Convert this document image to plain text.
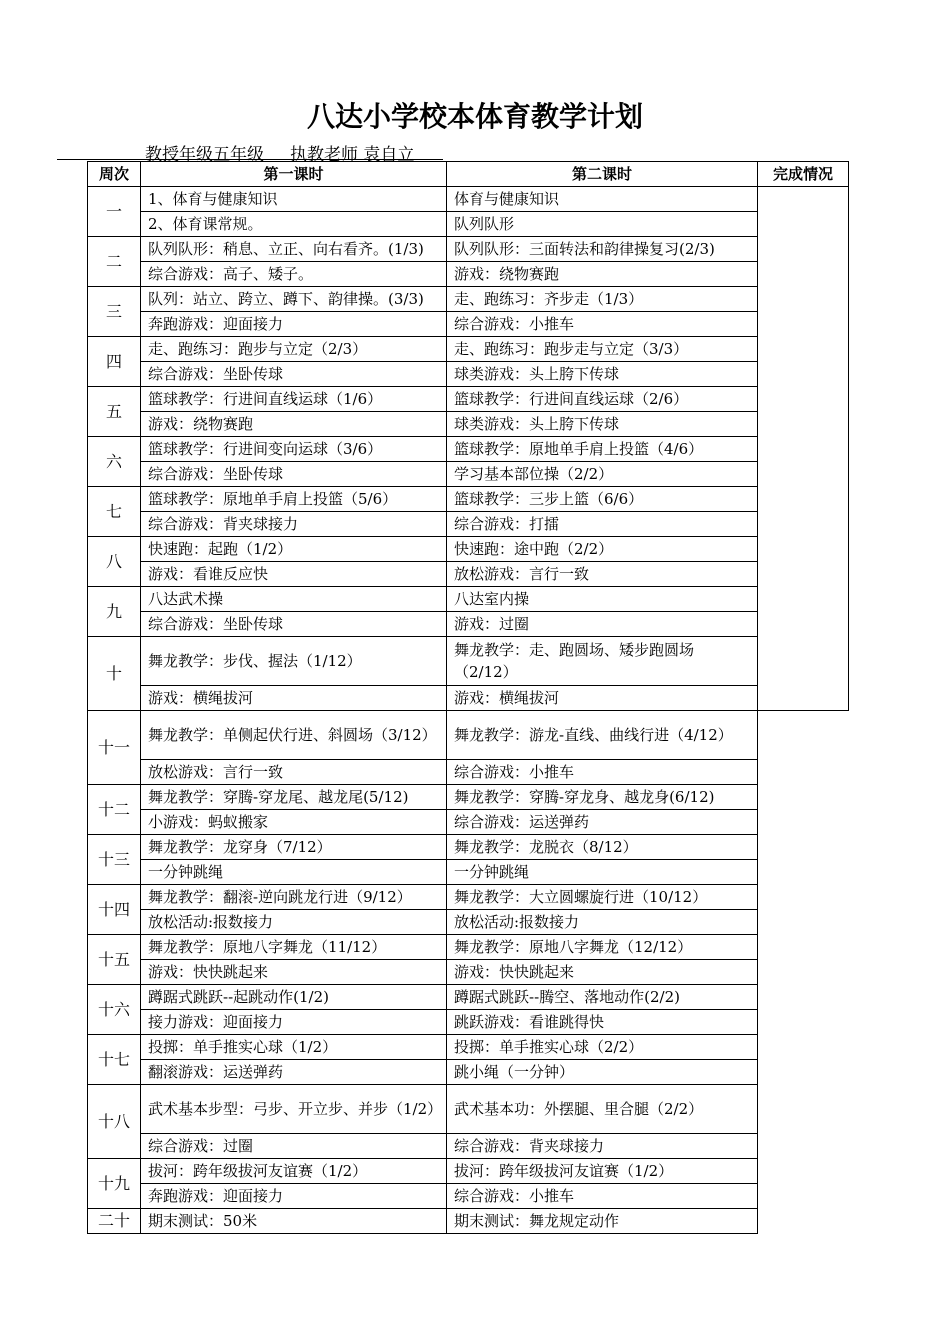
八达小学校本体育教学计划
教授年级五年级 执教老师 袁自立
周次	第一课时	第二课时	完成情况
一	1、体育与健康知识	体育与健康知识	
	2、体育课常规。	队列队形	
二	队列队形：稍息、立正、向右看齐。(1/3)	队列队形：三面转法和韵律操复习(2/3)	
	综合游戏：高子、矮子。	游戏：绕物赛跑	
三	队列：站立、跨立、蹲下、韵律操。(3/3)	走、跑练习：齐步走（1/3）	
	奔跑游戏：迎面接力	综合游戏：小推车	
四	走、跑练习：跑步与立定（2/3）	走、跑练习：跑步走与立定（3/3）	
	综合游戏：坐卧传球	球类游戏：头上胯下传球	
五	篮球教学：行进间直线运球（1/6）	篮球教学：行进间直线运球（2/6）	
	游戏：绕物赛跑	球类游戏：头上胯下传球	
六	篮球教学：行进间变向运球（3/6）	篮球教学：原地单手肩上投篮（4/6）	
	综合游戏：坐卧传球	学习基本部位操（2/2）	
七	篮球教学：原地单手肩上投篮（5/6）	篮球教学：三步上篮（6/6）	
	综合游戏：背夹球接力	综合游戏：打擂	
八	快速跑：起跑（1/2）	快速跑：途中跑（2/2）	
	游戏：看谁反应快	放松游戏：言行一致	
九	八达武术操	八达室内操	
	综合游戏：坐卧传球	游戏：过圈	
十	舞龙教学：步伐、握法（1/12）	舞龙教学：走、跑圆场、矮步跑圆场（2/12）	
	游戏：横绳拔河	游戏：横绳拔河	
十一	舞龙教学：单侧起伏行进、斜圆场（3/12）	舞龙教学：游龙-直线、曲线行进（4/12）	
	放松游戏：言行一致	综合游戏：小推车	
十二	舞龙教学：穿腾-穿龙尾、越龙尾(5/12)	舞龙教学：穿腾-穿龙身、越龙身(6/12)	
	小游戏：蚂蚁搬家	综合游戏：运送弹药	
十三	舞龙教学：龙穿身（7/12）	舞龙教学：龙脱衣（8/12）	
	一分钟跳绳	一分钟跳绳	
十四	舞龙教学：翻滚-逆向跳龙行进（9/12）	舞龙教学：大立圆螺旋行进（10/12）	
	放松活动:报数接力	放松活动:报数接力	
十五	舞龙教学：原地八字舞龙（11/12）	舞龙教学：原地八字舞龙（12/12）	
	游戏：快快跳起来	游戏：快快跳起来	
十六	蹲踞式跳跃--起跳动作(1/2)	蹲踞式跳跃--腾空、落地动作(2/2)	
	接力游戏：迎面接力	跳跃游戏：看谁跳得快	
十七	投掷：单手推实心球（1/2）	投掷：单手推实心球（2/2）	
	翻滚游戏：运送弹药	跳小绳（一分钟）	
十八	武术基本步型：弓步、开立步、并步（1/2）	武术基本功：外摆腿、里合腿（2/2）	
	综合游戏：过圈	综合游戏：背夹球接力	
十九	拔河：跨年级拔河友谊赛（1/2）	拔河：跨年级拔河友谊赛（1/2）	
	奔跑游戏：迎面接力	综合游戏：小推车	
二十	期末测试：50米	期末测试：舞龙规定动作	
